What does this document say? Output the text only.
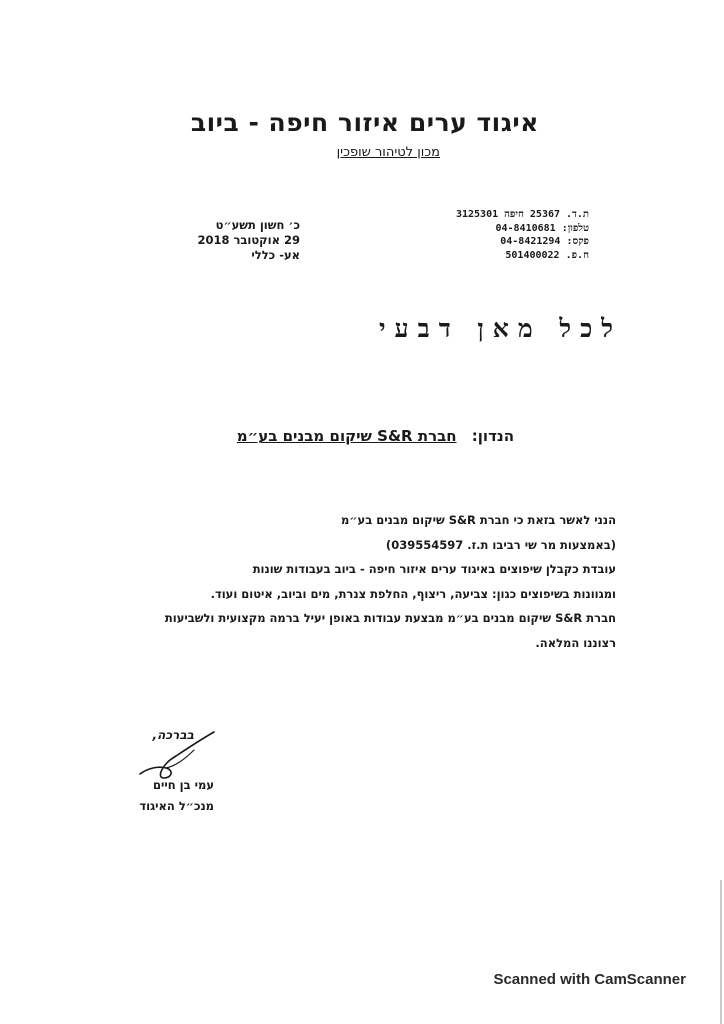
איגוד ערים איזור חיפה - ביוב
מכון לטיהור שופכין
ת.ד. 25367 חיפה 3125301
טלפון: 04-8410681
פקס: 04-8421294
ח.פ. 501400022
כ׳ חשון תשע״ט
29 אוקטובר 2018
אע- כללי
לכל מאן דבעי
הנדון: חברת S&R שיקום מבנים בע״מ
הנני לאשר בזאת כי חברת S&R שיקום מבנים בע״מ
(באמצעות מר שי רביבו ת.ז. 039554597)
עובדת כקבלן שיפוצים באיגוד ערים איזור חיפה - ביוב בעבודות שונות
ומגוונות בשיפוצים כגון: צביעה, ריצוף, החלפת צנרת, מים וביוב, איטום ועוד.
חברת S&R שיקום מבנים בע״מ מבצעת עבודות באופן יעיל ברמה מקצועית ולשביעות
רצוננו המלאה.
בברכה,
עמי בן חיים
מנכ״ל האיגוד
Scanned with CamScanner
